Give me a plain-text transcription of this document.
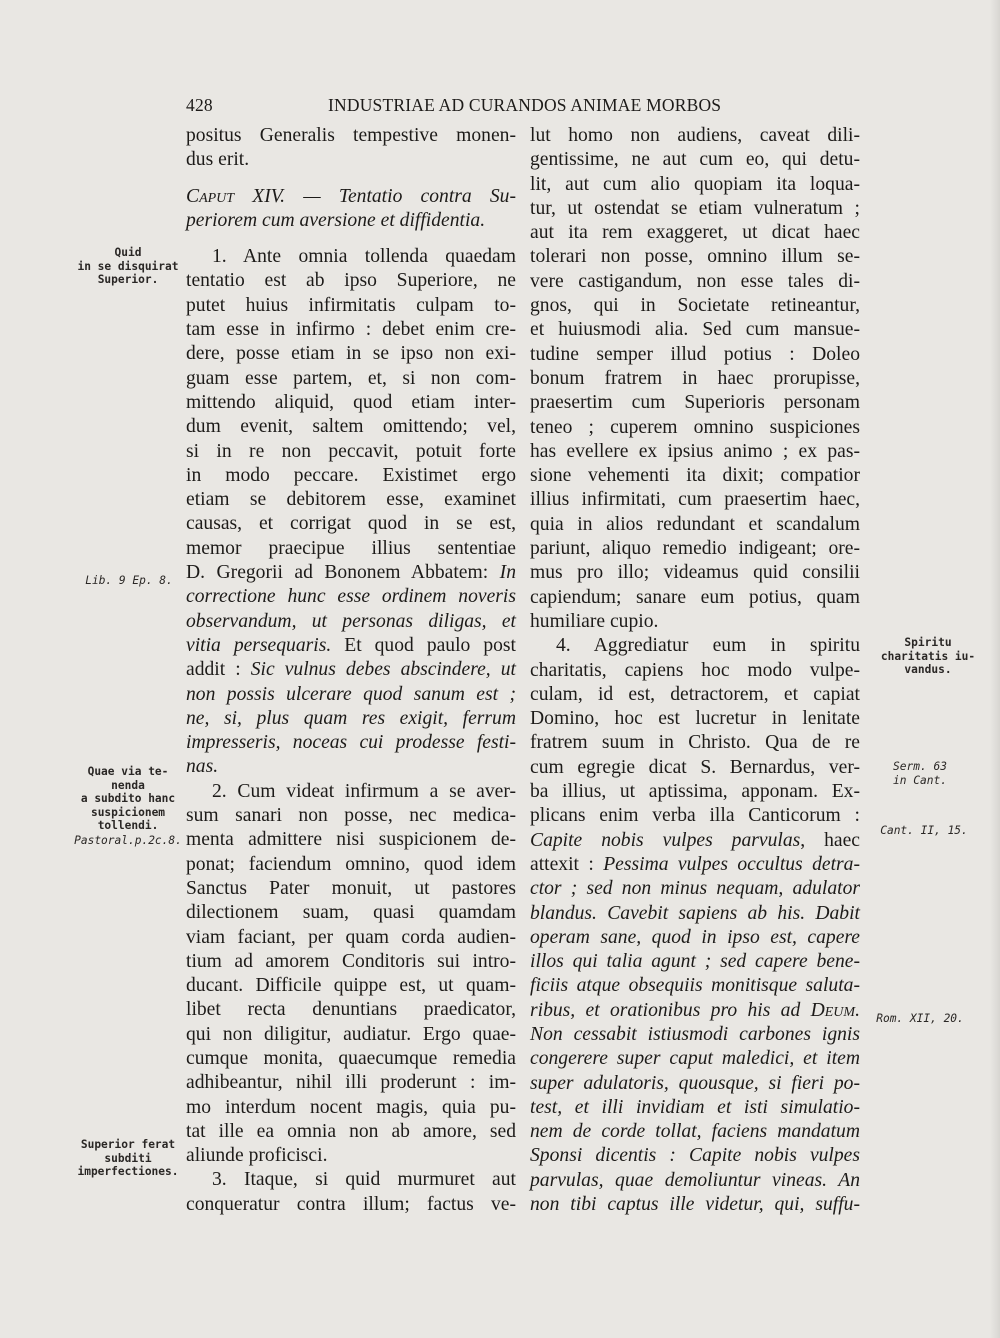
428	INDUSTRIAE AD CURANDOS ANIMAE MORBOS

positus Generalis tempestive monen-

dus erit.

Caput XIV. — Tentatio contra Su-

periorem cum aversione et diffidentia.

1. Ante omnia tollenda quaedam

tentatio est ab ipso Superiore, ne

putet huius infirmitatis culpam to-

tam esse in infirmo : debet enim cre-

dere, posse etiam in se ipso non exi-

guam esse partem, et, si non com-

mittendo aliquid, quod etiam inter-

dum evenit, saltem omittendo; vel,

si in re non peccavit, potuit forte

in modo peccare. Existimet ergo

etiam se debitorem esse, examinet

causas, et corrigat quod in se est,

memor praecipue illius sententiae

D. Gregorii ad Bononem Abbatem: In

correctione hunc esse ordinem noveris

observandum, ut personas diligas, et

vitia persequaris. Et quod paulo post

addit : Sic vulnus debes abscindere, ut

non possis ulcerare quod sanum est ;

ne, si, plus quam res exigit, ferrum

impresseris, noceas cui prodesse festi-

nas.

2. Cum videat infirmum a se aver-

sum sanari non posse, nec medica-

menta admittere nisi suspicionem de-

ponat; faciendum omnino, quod idem

Sanctus Pater monuit, ut pastores

dilectionem suam, quasi quamdam

viam faciant, per quam corda audien-

tium ad amorem Conditoris sui intro-

ducant. Difficile quippe est, ut quam-

libet recta denuntians praedicator,

qui non diligitur, audiatur. Ergo quae-

cumque monita, quaecumque remedia

adhibeantur, nihil illi proderunt : im-

mo interdum nocent magis, quia pu-

tat ille ea omnia non ab amore, sed

aliunde proficisci.

3. Itaque, si quid murmuret aut

conqueratur contra illum; factus ve-

lut homo non audiens, caveat dili-

gentissime, ne aut cum eo, qui detu-

lit, aut cum alio quopiam ita loqua-

tur, ut ostendat se etiam vulneratum ;

aut ita rem exaggeret, ut dicat haec

tolerari non posse, omnino illum se-

vere castigandum, non esse tales di-

gnos, qui in Societate retineantur,

et huiusmodi alia. Sed cum mansue-

tudine semper illud potius : Doleo

bonum fratrem in haec prorupisse,

praesertim cum Superioris personam

teneo ; cuperem omnino suspiciones

has evellere ex ipsius animo ; ex pas-

sione vehementi ita dixit; compatior

illius infirmitati, cum praesertim haec,

quia in alios redundant et scandalum

pariunt, aliquo remedio indigeant; ore-

mus pro illo; videamus quid consilii

capiendum; sanare eum potius, quam

humiliare cupio.

4. Aggrediatur eum in spiritu

charitatis, capiens hoc modo vulpe-

culam, id est, detractorem, et capiat

Domino, hoc est lucretur in lenitate

fratrem suum in Christo. Qua de re

cum egregie dicat S. Bernardus, ver-

ba illius, ut aptissima, apponam. Ex-

plicans enim verba illa Canticorum :

Capite nobis vulpes parvulas, haec

attexit : Pessima vulpes occultus detra-

ctor ; sed non minus nequam, adulator

blandus. Cavebit sapiens ab his. Dabit

operam sane, quod in ipso est, capere

illos qui talia agunt ; sed capere bene-

ficiis atque obsequiis monitisque saluta-

ribus, et orationibus pro his ad Deum.

Non cessabit istiusmodi carbones ignis

congerere super caput maledici, et item

super adulatoris, quousque, si fieri po-

test, et illi invidiam et isti simulatio-

nem de corde tollat, faciens mandatum

Sponsi dicentis : Capite nobis vulpes

parvulas, quae demoliuntur vineas. An

non tibi captus ille videtur, qui, suffu-

Quid
in se disquirat
Superior.
Lib. 9 Ep. 8.
Quae via te-
nenda
a subdito hanc
suspicionem
tollendi.
Pastoral.p.2c.8.
Superior ferat
subditi
imperfectiones.
Spiritu
charitatis iu-
vandus.
Serm. 63
in Cant.
Cant. II, 15.
Rom. XII, 20.
